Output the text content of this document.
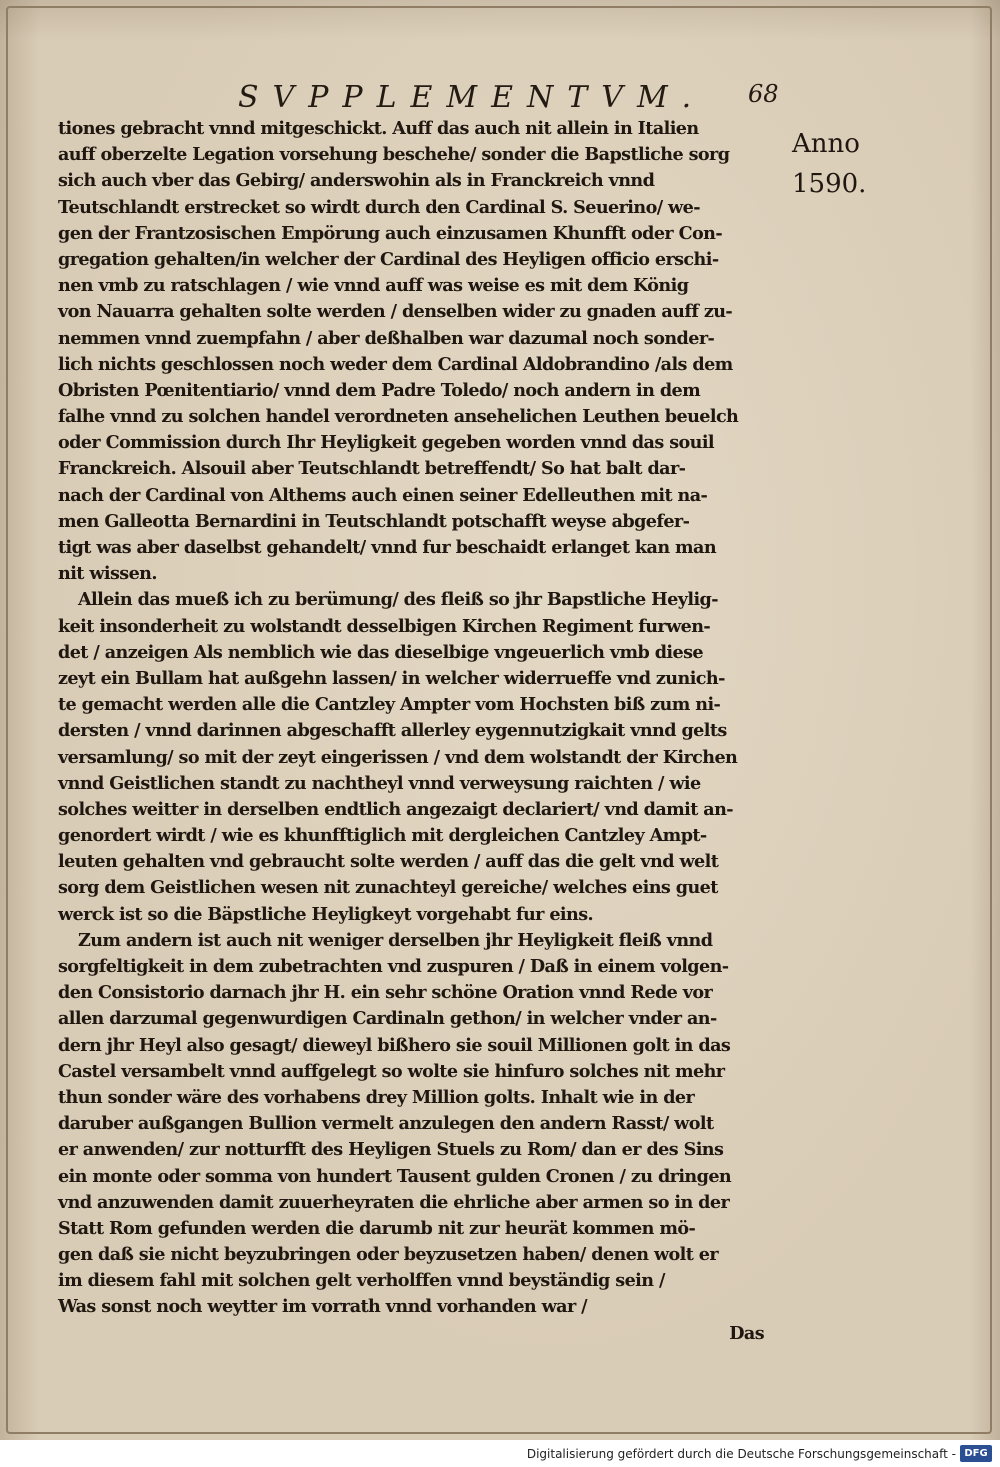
SVPPLEMENTVM. 68
Anno
1590.
tiones gebracht vnnd mitgeschickt. Auff das auch nit allein in Italien
auff oberzelte Legation vorsehung beschehe/ sonder die Bapstliche sorg
sich auch vber das Gebirg/ anderswohin als in Franckreich vnnd
Teutschlandt erstrecket so wirdt durch den Cardinal S. Seuerino/ we-
gen der Frantzosischen Empörung auch einzusamen Khunfft oder Con-
gregation gehalten/in welcher der Cardinal des Heyligen officio erschi-
nen vmb zu ratschlagen / wie vnnd auff was weise es mit dem König
von Nauarra gehalten solte werden / denselben wider zu gnaden auff zu-
nemmen vnnd zuempfahn / aber deßhalben war dazumal noch sonder-
lich nichts geschlossen noch weder dem Cardinal Aldobrandino /als dem
Obristen Pœnitentiario/ vnnd dem Padre Toledo/ noch andern in dem
falhe vnnd zu solchen handel verordneten ansehelichen Leuthen beuelch
oder Commission durch Ihr Heyligkeit gegeben worden vnnd das souil
Franckreich. Alsouil aber Teutschlandt betreffendt/ So hat balt dar-
nach der Cardinal von Althems auch einen seiner Edelleuthen mit na-
men Galleotta Bernardini in Teutschlandt potschafft weyse abgefer-
tigt was aber daselbst gehandelt/ vnnd fur beschaidt erlanget kan man
nit wissen.
Allein das mueß ich zu berümung/ des fleiß so jhr Bapstliche Heylig-
keit insonderheit zu wolstandt desselbigen Kirchen Regiment furwen-
det / anzeigen Als nemblich wie das dieselbige vngeuerlich vmb diese
zeyt ein Bullam hat außgehn lassen/ in welcher widerrueffe vnd zunich-
te gemacht werden alle die Cantzley Ampter vom Hochsten biß zum ni-
dersten / vnnd darinnen abgeschafft allerley eygennutzigkait vnnd gelts
versamlung/ so mit der zeyt eingerissen / vnd dem wolstandt der Kirchen
vnnd Geistlichen standt zu nachtheyl vnnd verweysung raichten / wie
solches weitter in derselben endtlich angezaigt declariert/ vnd damit an-
genordert wirdt / wie es khunfftiglich mit dergleichen Cantzley Ampt-
leuten gehalten vnd gebraucht solte werden / auff das die gelt vnd welt
sorg dem Geistlichen wesen nit zunachteyl gereiche/ welches eins guet
werck ist so die Bäpstliche Heyligkeyt vorgehabt fur eins.
Zum andern ist auch nit weniger derselben jhr Heyligkeit fleiß vnnd
sorgfeltigkeit in dem zubetrachten vnd zuspuren / Daß in einem volgen-
den Consistorio darnach jhr H. ein sehr schöne Oration vnnd Rede vor
allen darzumal gegenwurdigen Cardinaln gethon/ in welcher vnder an-
dern jhr Heyl also gesagt/ dieweyl bißhero sie souil Millionen golt in das
Castel versambelt vnnd auffgelegt so wolte sie hinfuro solches nit mehr
thun sonder wäre des vorhabens drey Million golts. Inhalt wie in der
daruber außgangen Bullion vermelt anzulegen den andern Rasst/ wolt
er anwenden/ zur notturfft des Heyligen Stuels zu Rom/ dan er des Sins
ein monte oder somma von hundert Tausent gulden Cronen / zu dringen
vnd anzuwenden damit zuuerheyraten die ehrliche aber armen so in der
Statt Rom gefunden werden die darumb nit zur heurät kommen mö-
gen daß sie nicht beyzubringen oder beyzusetzen haben/ denen wolt er
im diesem fahl mit solchen gelt verholffen vnnd beyständig sein /
Was sonst noch weytter im vorrath vnnd vorhanden war /
Das
Digitalisierung gefördert durch die Deutsche Forschungsgemeinschaft - DFG
